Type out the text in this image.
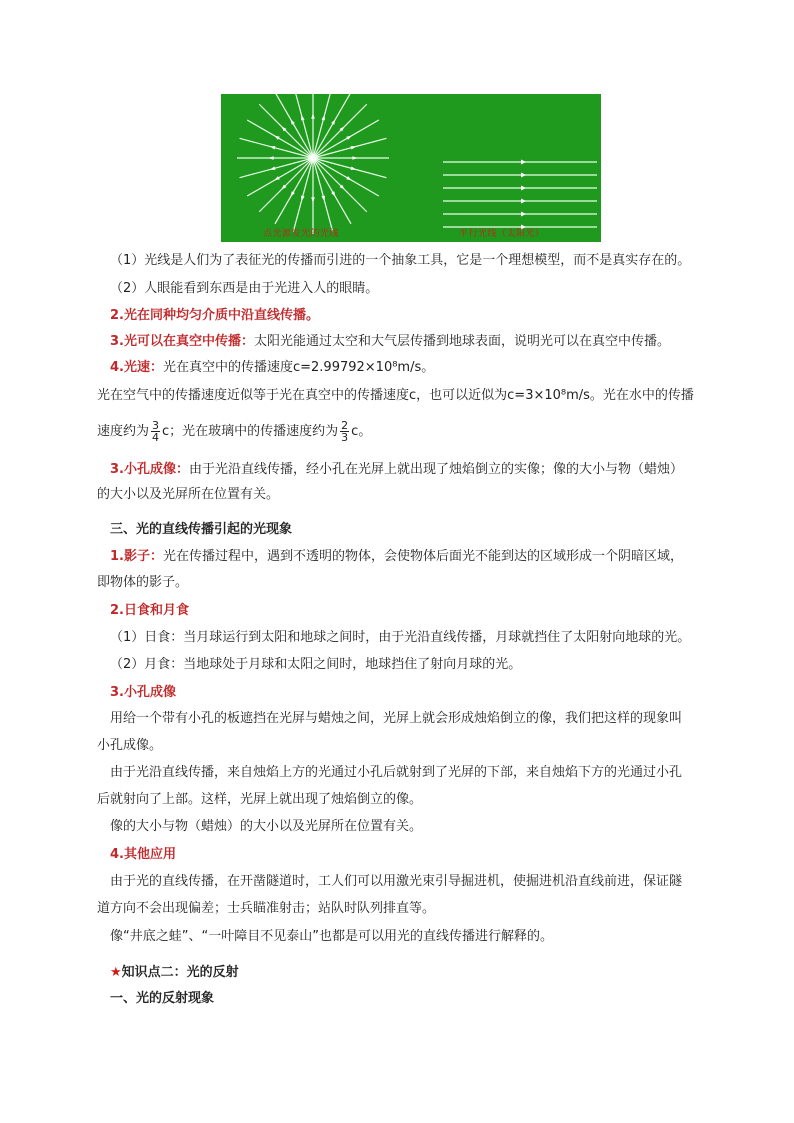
点光源发光的光线	平行光线（太阳光）
（1）光线是人们为了表征光的传播而引进的一个抽象工具，它是一个理想模型，而不是真实存在的。
（2）人眼能看到东西是由于光进入人的眼睛。
2.光在同种均匀介质中沿直线传播。
3.光可以在真空中传播：太阳光能通过太空和大气层传播到地球表面，说明光可以在真空中传播。
4.光速：光在真空中的传播速度c=2.99792×10⁸m/s。
光在空气中的传播速度近似等于光在真空中的传播速度c，也可以近似为c=3×10⁸m/s。光在水中的传播
速度约为 $\frac{3}{4}$ c；光在玻璃中的传播速度约为 $\frac{2}{3}$ c。
3.小孔成像：由于光沿直线传播，经小孔在光屏上就出现了烛焰倒立的实像；像的大小与物（蜡烛）
的大小以及光屏所在位置有关。
三、光的直线传播引起的光现象
1.影子：光在传播过程中，遇到不透明的物体，会使物体后面光不能到达的区域形成一个阴暗区域，
即物体的影子。
2.日食和月食
（1）日食：当月球运行到太阳和地球之间时，由于光沿直线传播，月球就挡住了太阳射向地球的光。
（2）月食：当地球处于月球和太阳之间时，地球挡住了射向月球的光。
3.小孔成像
用给一个带有小孔的板遮挡在光屏与蜡烛之间，光屏上就会形成烛焰倒立的像，我们把这样的现象叫
小孔成像。
由于光沿直线传播，来自烛焰上方的光通过小孔后就射到了光屏的下部，来自烛焰下方的光通过小孔
后就射向了上部。这样，光屏上就出现了烛焰倒立的像。
像的大小与物（蜡烛）的大小以及光屏所在位置有关。
4.其他应用
由于光的直线传播，在开凿隧道时，工人们可以用激光束引导掘进机，使掘进机沿直线前进，保证隧
道方向不会出现偏差；士兵瞄准射击；站队时队列排直等。
像“井底之蛙”、“一叶障目不见泰山”也都是可以用光的直线传播进行解释的。
★知识点二：光的反射
一、光的反射现象
